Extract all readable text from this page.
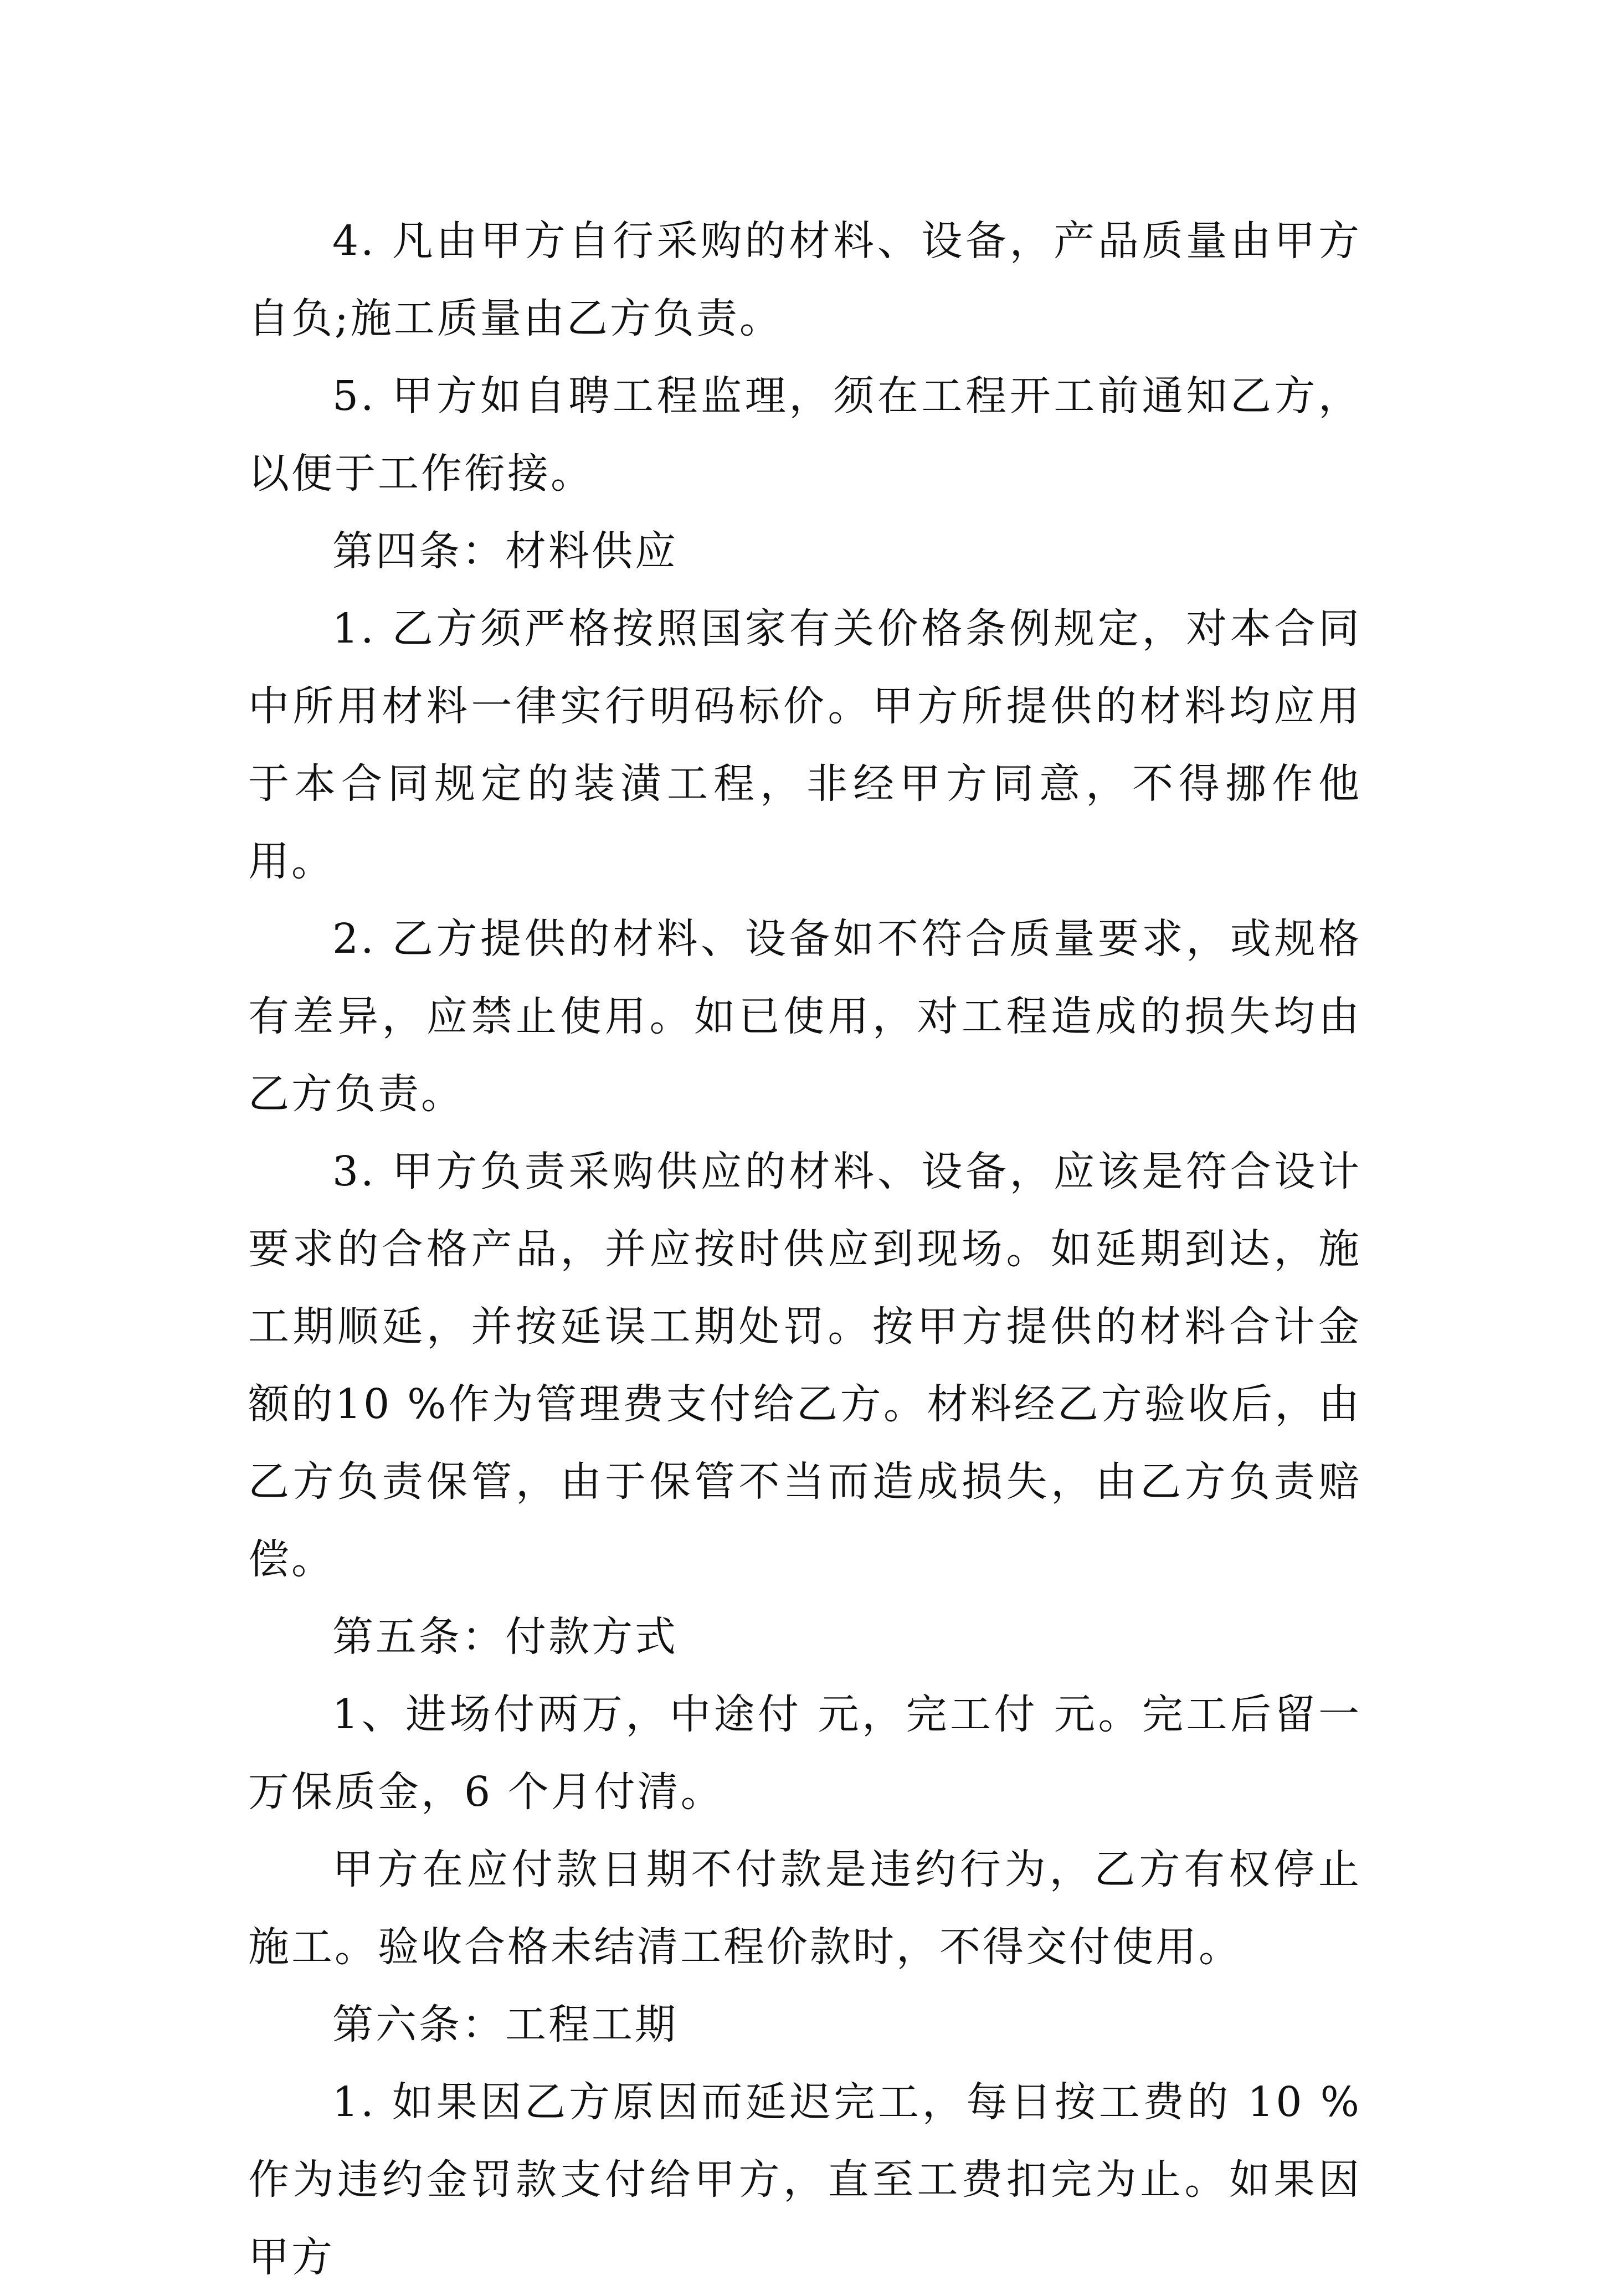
4. 凡由甲方自行采购的材料、设备，产品质量由甲方自负;施工质量由乙方负责。

5. 甲方如自聘工程监理，须在工程开工前通知乙方，以便于工作衔接。

第四条：材料供应

1. 乙方须严格按照国家有关价格条例规定，对本合同中所用材料一律实行明码标价。甲方所提供的材料均应用于本合同规定的装潢工程，非经甲方同意，不得挪作他用。

2. 乙方提供的材料、设备如不符合质量要求，或规格有差异，应禁止使用。如已使用，对工程造成的损失均由乙方负责。

3. 甲方负责采购供应的材料、设备，应该是符合设计要求的合格产品，并应按时供应到现场。如延期到达，施工期顺延，并按延误工期处罚。按甲方提供的材料合计金额的10 %作为管理费支付给乙方。材料经乙方验收后，由乙方负责保管，由于保管不当而造成损失，由乙方负责赔偿。

第五条：付款方式

1、进场付两万，中途付 元，完工付 元。完工后留一万保质金，6 个月付清。

甲方在应付款日期不付款是违约行为，乙方有权停止施工。验收合格未结清工程价款时，不得交付使用。

第六条：工程工期

1. 如果因乙方原因而延迟完工，每日按工费的 10 %作为违约金罚款支付给甲方，直至工费扣完为止。如果因甲方
